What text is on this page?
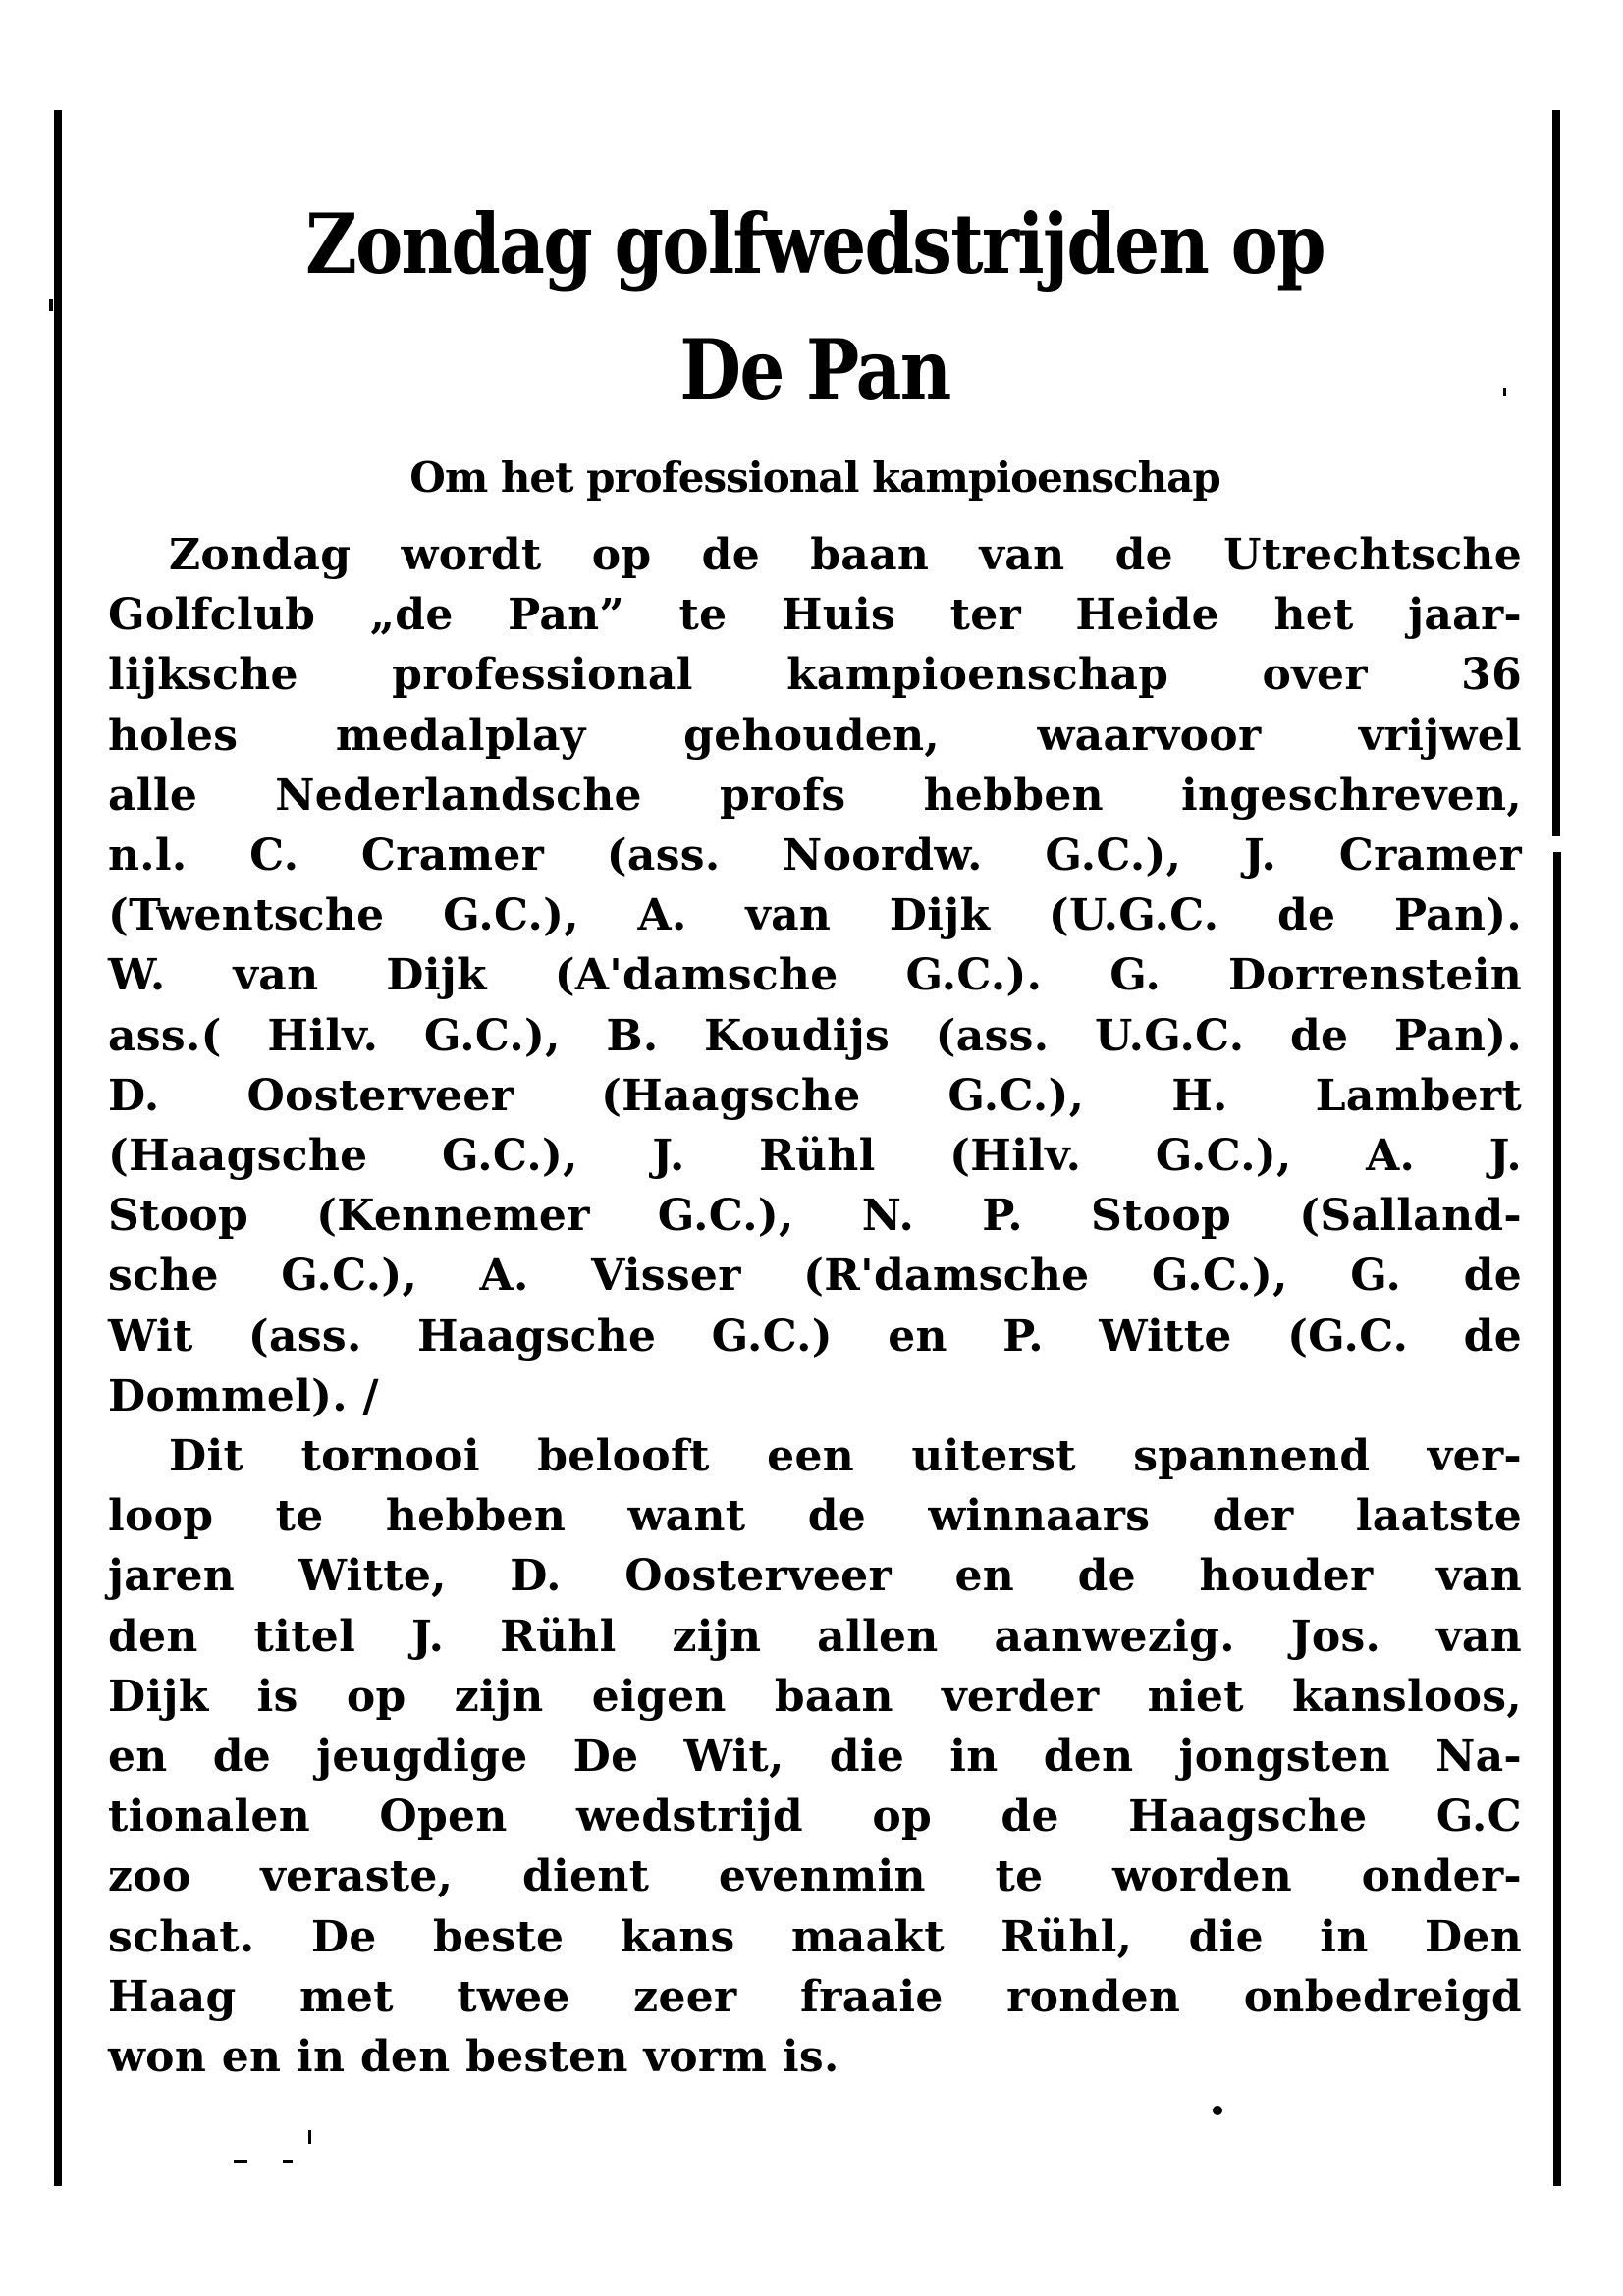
Zondag golfwedstrijden op
De Pan
Om het professional kampioenschap

Zondag wordt op de baan van de Utrechtsche
Golfclub „de Pan” te Huis ter Heide het jaar-
lijksche professional kampioenschap over 36
holes medalplay gehouden, waarvoor vrijwel
alle Nederlandsche profs hebben ingeschreven,
n.l. C. Cramer (ass. Noordw. G.C.), J. Cramer
(Twentsche G.C.), A. van Dijk (U.G.C. de Pan).
W. van Dijk (A'damsche G.C.). G. Dorrenstein
ass.( Hilv. G.C.), B. Koudijs (ass. U.G.C. de Pan).
D. Oosterveer (Haagsche G.C.), H. Lambert
(Haagsche G.C.), J. Rühl (Hilv. G.C.), A. J.
Stoop (Kennemer G.C.), N. P. Stoop (Salland-
sche G.C.), A. Visser (R'damsche G.C.), G. de
Wit (ass. Haagsche G.C.) en P. Witte (G.C. de
Dommel). /

Dit tornooi belooft een uiterst spannend ver-
loop te hebben want de winnaars der laatste
jaren Witte, D. Oosterveer en de houder van
den titel J. Rühl zijn allen aanwezig. Jos. van
Dijk is op zijn eigen baan verder niet kansloos,
en de jeugdige De Wit, die in den jongsten Na-
tionalen Open wedstrijd op de Haagsche G.C
zoo veraste, dient evenmin te worden onder-
schat. De beste kans maakt Rühl, die in Den
Haag met twee zeer fraaie ronden onbedreigd
won en in den besten vorm is.
